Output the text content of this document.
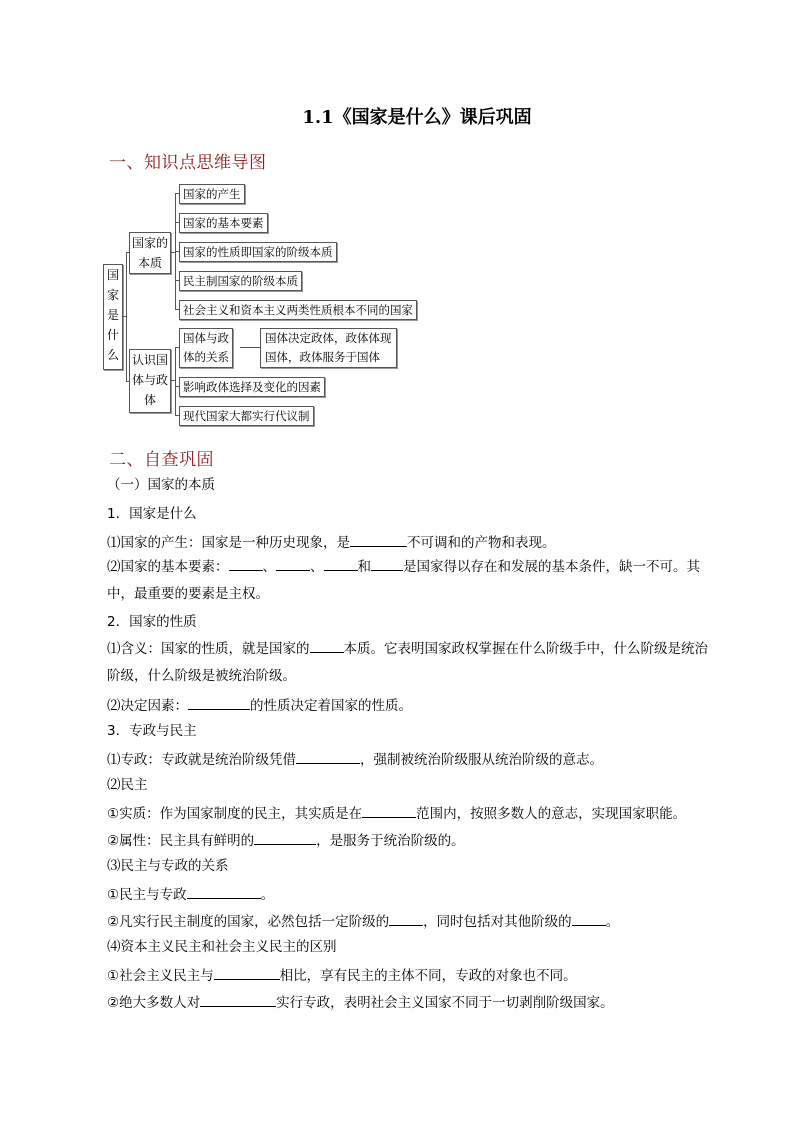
1.1《国家是什么》课后巩固
一、知识点思维导图
国
家
是
什
么
国家的
本质
国家的产生
国家的基本要素
国家的性质即国家的阶级本质
民主制国家的阶级本质
社会主义和资本主义两类性质根本不同的国家
认识国
体与政
体
国体与政
体的关系
国体决定政体，政体体现
国体，政体服务于国体
影响政体选择及变化的因素
现代国家大都实行代议制
二、自查巩固
（一）国家的本质
1．国家是什么
⑴国家的产生：国家是一种历史现象，是	不可调和的产物和表现。
⑵国家的基本要素：	、	、	和 是国家得以存在和发展的基本条件，缺一不可。其中，最重要的要素是主权。
2．国家的性质
⑴含义：国家的性质，就是国家的	本质。它表明国家政权掌握在什么阶级手中，什么阶级是统治阶级，什么阶级是被统治阶级。
⑵决定因素：	的性质决定着国家的性质。
3．专政与民主
⑴专政：专政就是统治阶级凭借	，强制被统治阶级服从统治阶级的意志。
⑵民主
①实质：作为国家制度的民主，其实质是在	范围内，按照多数人的意志，实现国家职能。
②属性：民主具有鲜明的	，是服务于统治阶级的。
⑶民主与专政的关系
①民主与专政	。
②凡实行民主制度的国家，必然包括一定阶级的	，同时包括对其他阶级的	。
⑷资本主义民主和社会主义民主的区别
①社会主义民主与	相比，享有民主的主体不同，专政的对象也不同。
②绝大多数人对	实行专政，表明社会主义国家不同于一切剥削阶级国家。
